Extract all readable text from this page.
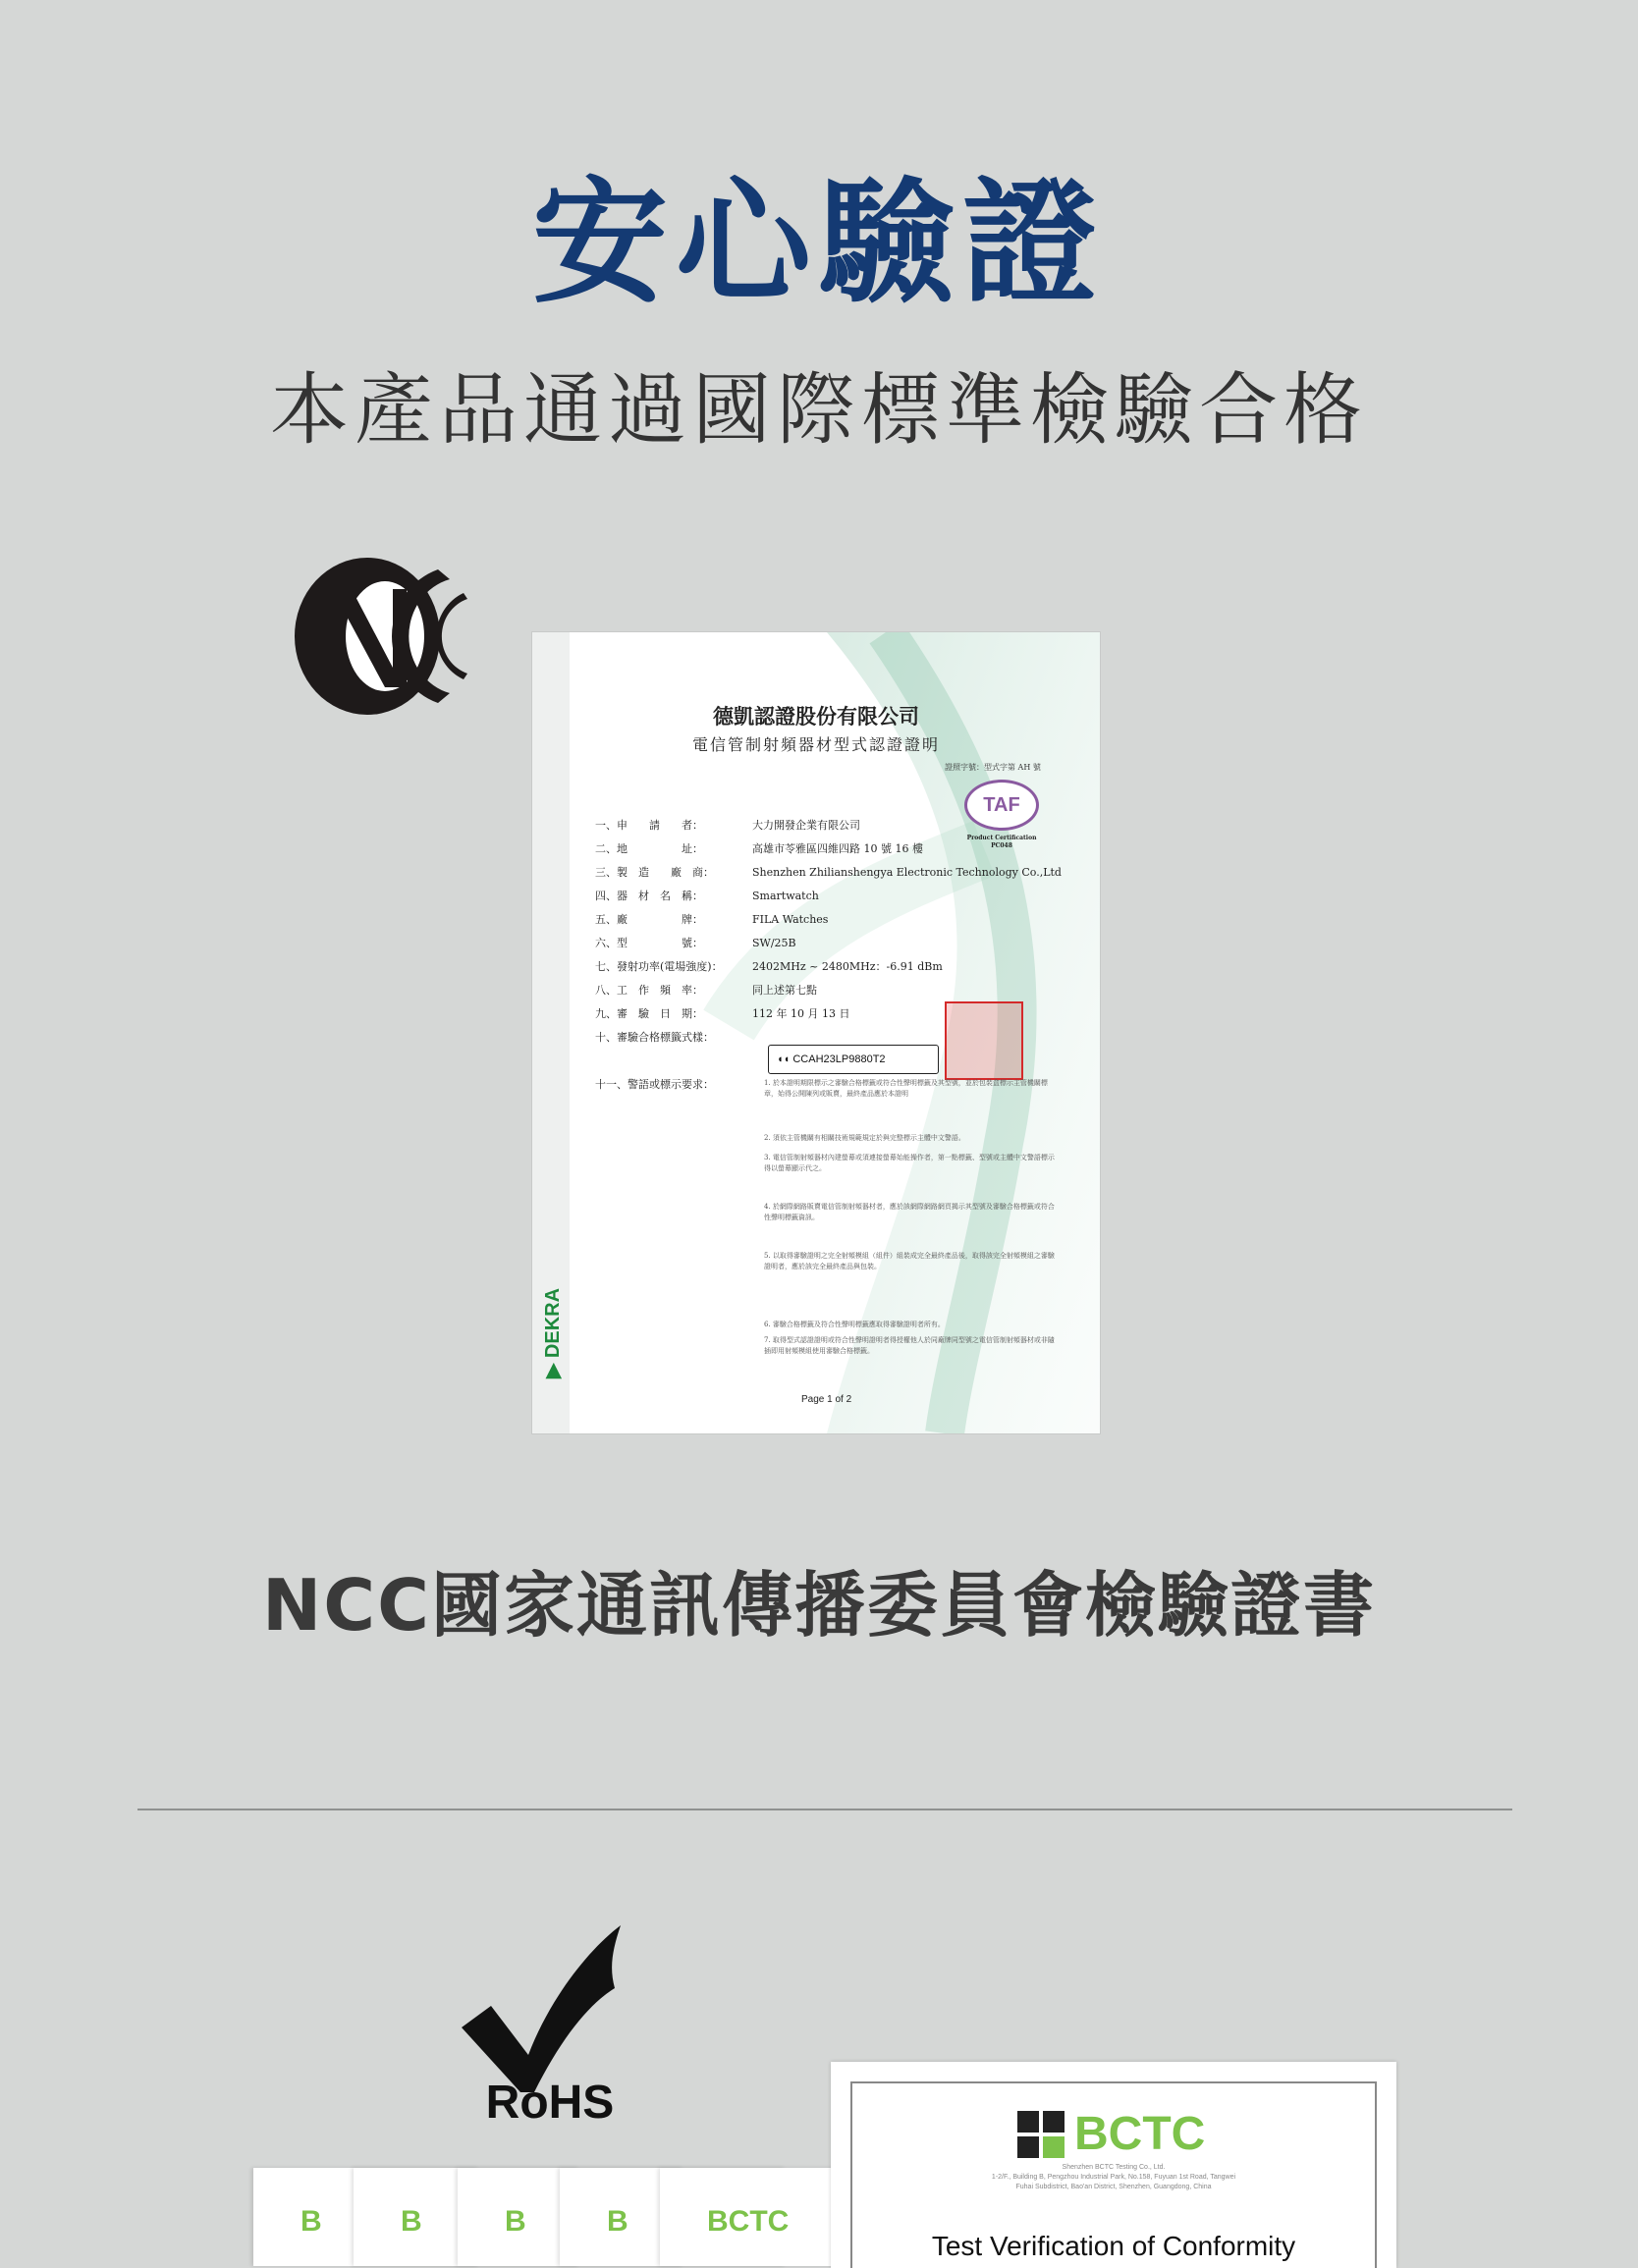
安心驗證
本產品通過國際標準檢驗合格
▶ DEKRA
德凱認證股份有限公司
電信管制射頻器材型式認證證明
證照字號：型式字第 AH 號
TAF
Product Certification
PC048
一、申　　請　　者：	大力開發企業有限公司
二、地　　　　　址：	高雄市苓雅區四維四路 10 號 16 樓
三、製　造　　廠　商：	Shenzhen Zhilianshengya Electronic Technology Co.,Ltd
四、器　材　名　稱：	Smartwatch
五、廠　　　　　牌：	FILA Watches
六、型　　　　　號：	SW/25B
七、發射功率(電場強度)：	2402MHz ~ 2480MHz：-6.91 dBm
八、工　作　頻　率：	同上述第七點
九、審　驗　日　期：	112 年 10 月 13 日
十、審驗合格標籤式樣：
◖◖ CCAH23LP9880T2
十一、警語或標示要求：	1. 於本證明期限標示之審驗合格標籤或符合性聲明標籤及其型號，並於包裝盒標示主管機關標章，始得公開陳列或販賣，最終產品應於本證明
2. 須依主管機關有相關技術規範規定於與完整標示主體中文警語。
3. 電信管制射頻器材內建螢幕或須連接螢幕始能操作者，第一點標籤、型號或主體中文警語標示得以螢幕顯示代之。
4. 於網際網路販賣電信管制射頻器材者，應於該網際網路網頁揭示其型號及審驗合格標籤或符合性聲明標籤資訊。
5. 以取得審驗證明之完全射頻模組（組件）組裝成完全最終產品後，取得該完全射頻模組之審驗證明者，應於該完全最終產品與包裝。
6. 審驗合格標籤及符合性聲明標籤應取得審驗證明者所有。
7. 取得型式認證證明或符合性聲明證明者得授權他人於同廠牌同型號之電信管制射頻器材或非隨插即用射頻模組使用審驗合格標籤。
Page 1 of 2
NCC國家通訊傳播委員會檢驗證書
RoHS
B	B	B	B	BCTC
BCTC
Shenzhen BCTC Testing Co., Ltd.
1-2/F., Building B, Pengzhou Industrial Park, No.158, Fuyuan 1st Road, Tangwei
Fuhai Subdistrict, Bao'an District, Shenzhen, Guangdong, China
Test Verification of Conformity
